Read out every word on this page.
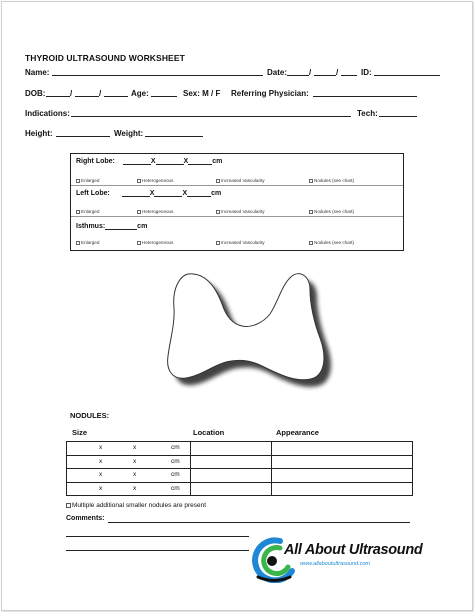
THYROID ULTRASOUND WORKSHEET
Name:	Date:	/	/	ID:
DOB:	/	/	Age:	Sex: M / F Referring Physician:
Indications:	Tech:
Height:	Weight:
Right Lobe:	X	X	cm
Enlarged	Heterogeneous	Increased Vascularity	Nodules (see chart)
Left Lobe:	X	X	cm
Enlarged	Heterogeneous	Increased Vascularity	Nodules (see chart)
Isthmus:	cm
Enlarged	Heterogeneous	Increased Vascularity	Nodules (see chart)
NODULES:
Size	Location	Appearance
x x cm		

x x cm		

x x cm		

x x cm		

Multiple additional smaller nodules are present
Comments:
All About Ultrasound
www.allaboutultrasound.com
